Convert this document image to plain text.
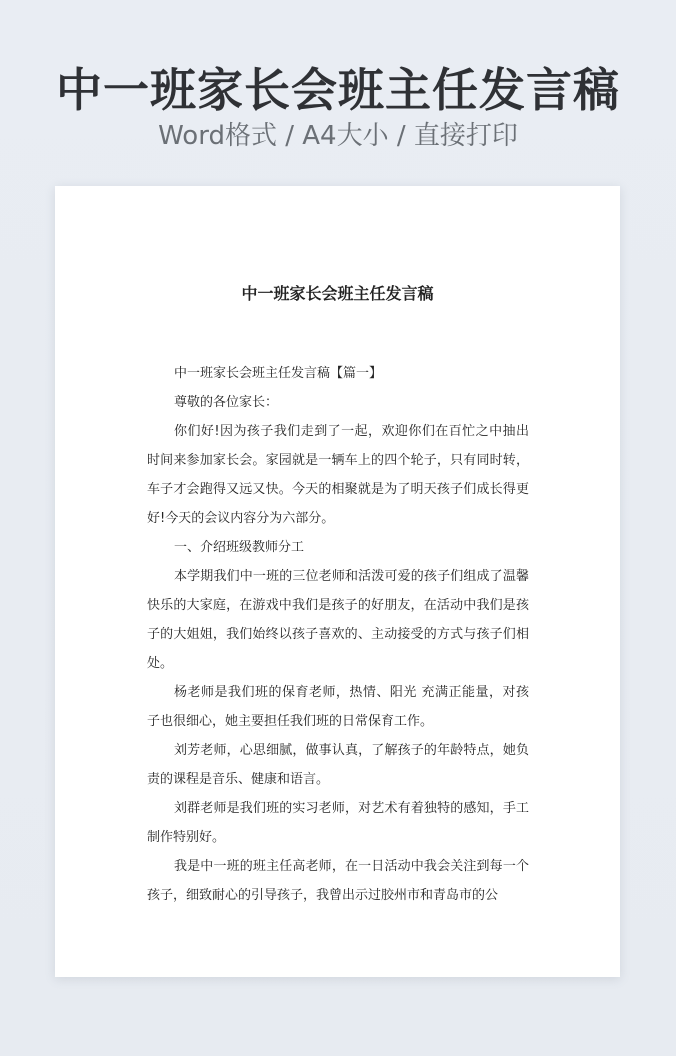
中一班家长会班主任发言稿
Word格式 / A4大小 / 直接打印
中一班家长会班主任发言稿

中一班家长会班主任发言稿【篇一】

尊敬的各位家长：

你们好!因为孩子我们走到了一起，欢迎你们在百忙之中抽出时间来参加家长会。家园就是一辆车上的四个轮子，只有同时转，车子才会跑得又远又快。今天的相聚就是为了明天孩子们成长得更好!今天的会议内容分为六部分。

一、介绍班级教师分工

本学期我们中一班的三位老师和活泼可爱的孩子们组成了温馨快乐的大家庭，在游戏中我们是孩子的好朋友，在活动中我们是孩子的大姐姐，我们始终以孩子喜欢的、主动接受的方式与孩子们相处。

杨老师是我们班的保育老师，热情、阳光 充满正能量，对孩子也很细心，她主要担任我们班的日常保育工作。

刘芳老师，心思细腻，做事认真，了解孩子的年龄特点，她负责的课程是音乐、健康和语言。

刘群老师是我们班的实习老师，对艺术有着独特的感知，手工制作特别好。

我是中一班的班主任高老师，在一日活动中我会关注到每一个孩子，细致耐心的引导孩子，我曾出示过胶州市和青岛市的公
